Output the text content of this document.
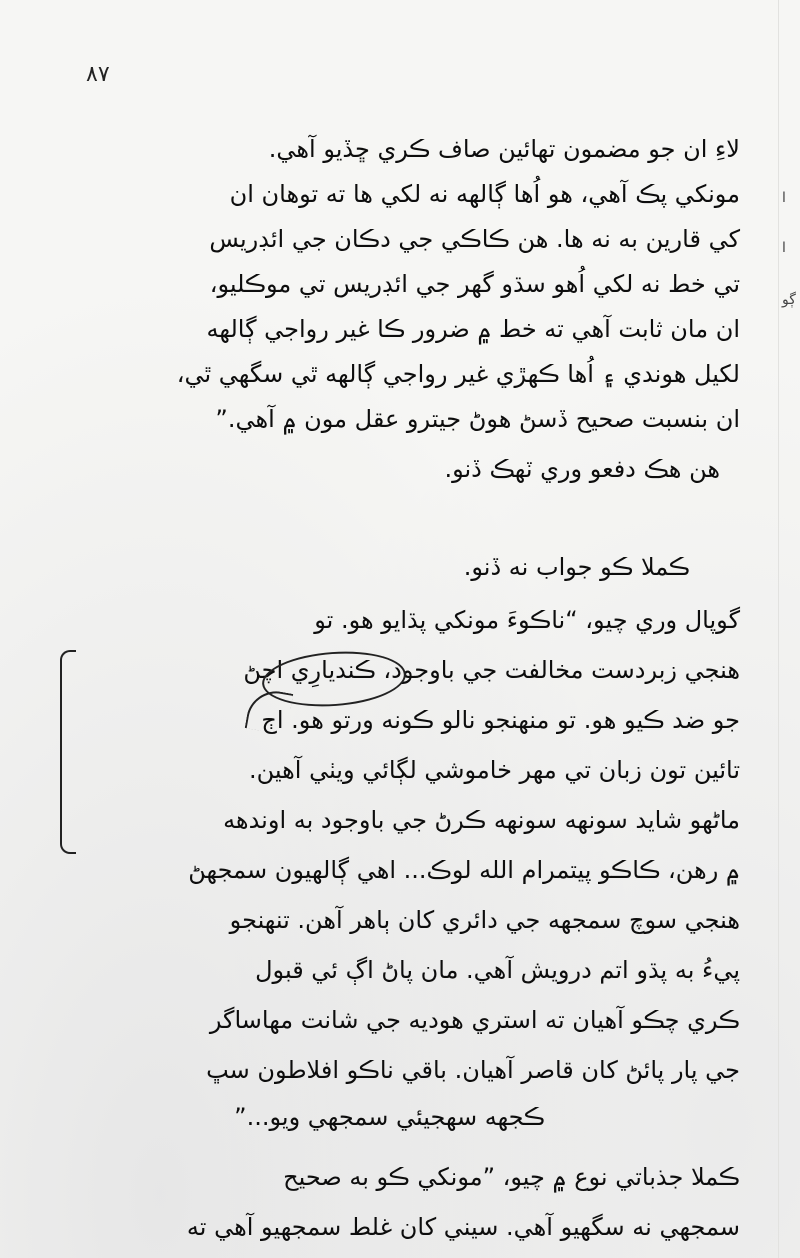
٨٧
لاءِ ان جو مضمون تهائين صاف ڪري ڇڏيو آهي.
مونکي پڪ آهي، هو اُها ڳالهه نه لکي ها ته توهان ان
کي قارين به نه ها. هن ڪاڪي جي دڪان جي ائڊريس
تي خط نه لکي اُهو سڌو گهر جي ائڊريس تي موڪليو،
ان مان ثابت آهي ته خط ۾ ضرور ڪا غير رواجي ڳالهه
لکيل هوندي ۽ اُها ڪهڙي غير رواجي ڳالهه ٿي سگهي ٿي،
ان بنسبت صحيح ڏسڻ هوڻ جيترو عقل مون ۾ آهي.”
هن هڪ دفعو وري ٽهڪ ڏنو.
ڪملا ڪو جواب نه ڏنو.
گوپال وري چيو، “ناڪوءَ مونکي پڌايو هو. تو
هنجي زبردست مخالفت جي باوجود، ڪنديارِي اچڻ
جو ضد ڪيو هو. تو منهنجو نالو ڪونه ورتو هو. اڄ
تائين تون زبان تي مهر خاموشي لڳائي ويٺي آهين.
ماڻهو شايد سونهه سونهه ڪرڻ جي باوجود به اوندهه
۾ رهن، ڪاڪو پيتمرام الله لوڪ... اهي ڳالهيون سمجهڻ
هنجي سوچ سمجهه جي دائري کان ٻاهر آهن. تنهنجو
پيءُ به پڌو اتم درويش آهي. مان پاڻ اڳ ئي قبول
ڪري چڪو آهيان ته استري هوديه جي شانت مهاساگر
جي پار پائڻ کان قاصر آهيان. باقي ناڪو افلاطون سڀ
ڪجهه سهجيئي سمجهي ويو...”
ڪملا جذباتي نوع ۾ چيو، ”مونکي ڪو به صحيح
سمجهي نه سگهيو آهي. سيني کان غلط سمجهيو آهي ته
ا
ا
ڳو
